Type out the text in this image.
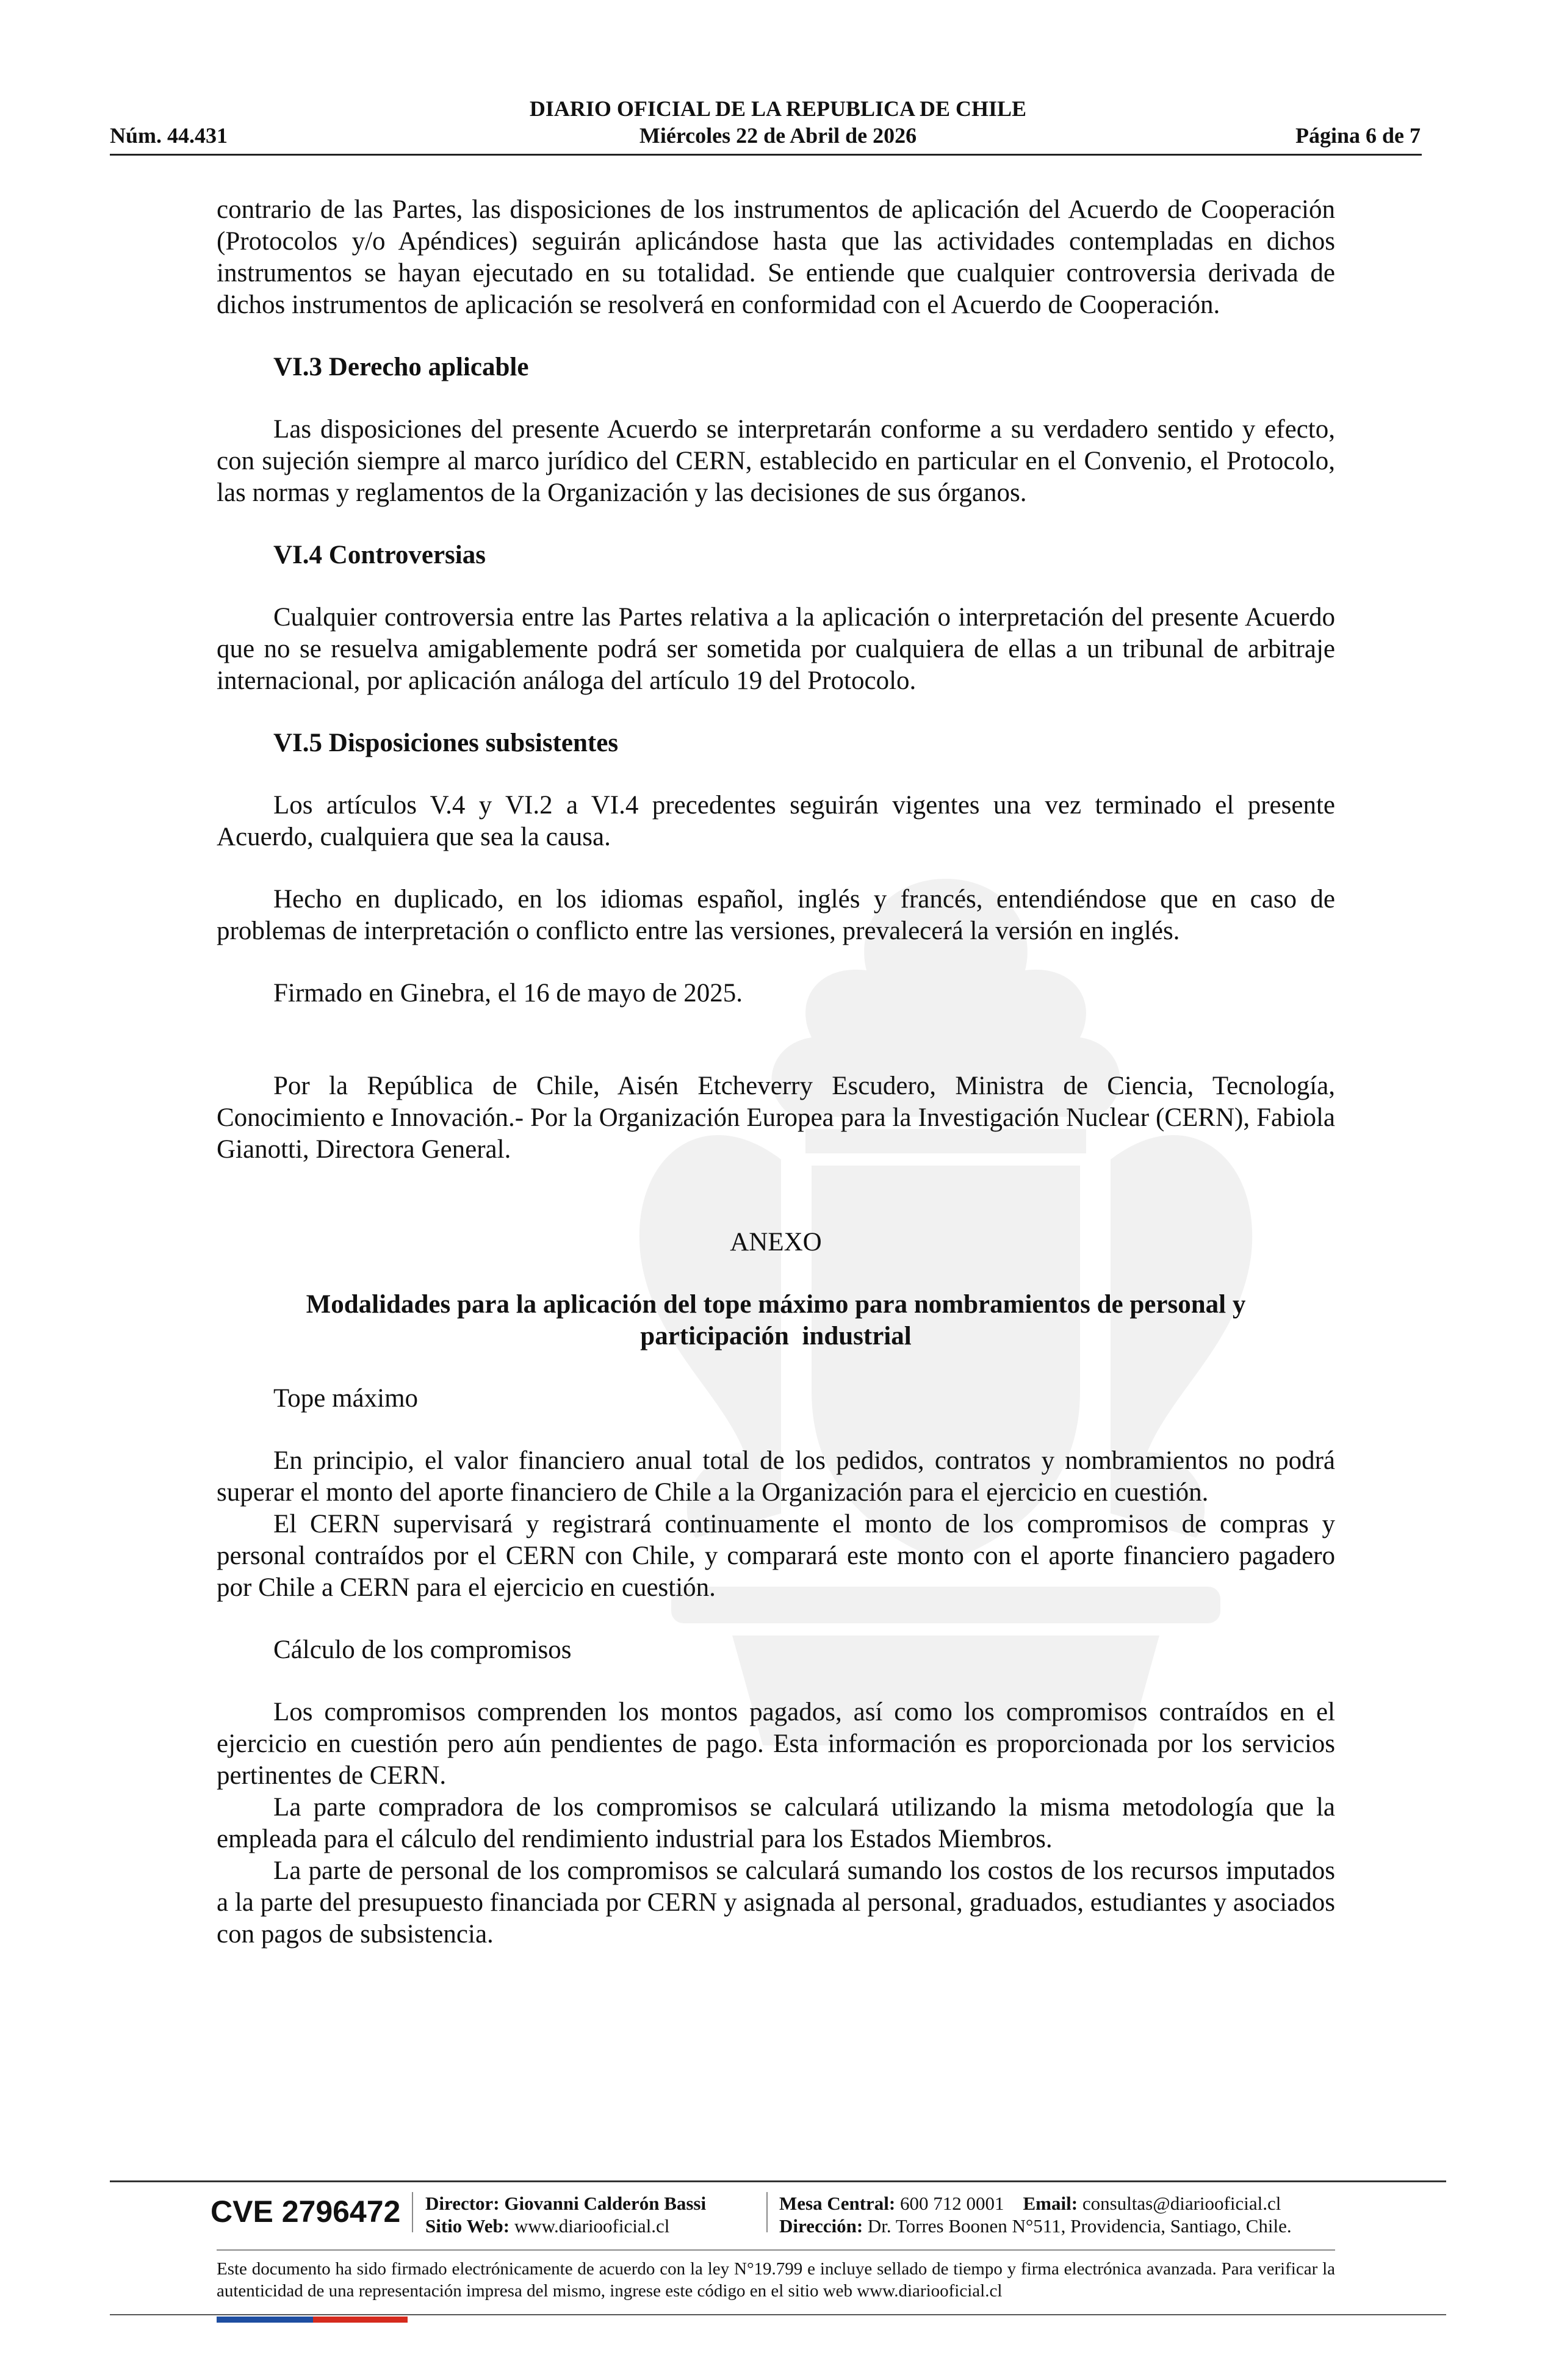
DIARIO OFICIAL DE LA REPUBLICA DE CHILE
Núm. 44.431	Miércoles 22 de Abril de 2026	Página 6 de 7

contrario de las Partes, las disposiciones de los instrumentos de aplicación del Acuerdo de Cooperación (Protocolos y/o Apéndices) seguirán aplicándose hasta que las actividades contempladas en dichos instrumentos se hayan ejecutado en su totalidad. Se entiende que cualquier controversia derivada de dichos instrumentos de aplicación se resolverá en conformidad con el Acuerdo de Cooperación.

VI.3 Derecho aplicable

Las disposiciones del presente Acuerdo se interpretarán conforme a su verdadero sentido y efecto, con sujeción siempre al marco jurídico del CERN, establecido en particular en el Convenio, el Protocolo, las normas y reglamentos de la Organización y las decisiones de sus órganos.

VI.4 Controversias

Cualquier controversia entre las Partes relativa a la aplicación o interpretación del presente Acuerdo que no se resuelva amigablemente podrá ser sometida por cualquiera de ellas a un tribunal de arbitraje internacional, por aplicación análoga del artículo 19 del Protocolo.

VI.5 Disposiciones subsistentes

Los artículos V.4 y VI.2 a VI.4 precedentes seguirán vigentes una vez terminado el presente Acuerdo, cualquiera que sea la causa.

Hecho en duplicado, en los idiomas español, inglés y francés, entendiéndose que en caso de problemas de interpretación o conflicto entre las versiones, prevalecerá la versión en inglés.

Firmado en Ginebra, el 16 de mayo de 2025.

Por la República de Chile, Aisén Etcheverry Escudero, Ministra de Ciencia, Tecnología, Conocimiento e Innovación.- Por la Organización Europea para la Investigación Nuclear (CERN), Fabiola Gianotti, Directora General.

ANEXO

Modalidades para la aplicación del tope máximo para nombramientos de personal y

participación  industrial

Tope máximo

En principio, el valor financiero anual total de los pedidos, contratos y nombramientos no podrá superar el monto del aporte financiero de Chile a la Organización para el ejercicio en cuestión.

El CERN supervisará y registrará continuamente el monto de los compromisos de compras y personal contraídos por el CERN con Chile, y comparará este monto con el aporte financiero pagadero por Chile a CERN para el ejercicio en cuestión.

Cálculo de los compromisos

Los compromisos comprenden los montos pagados, así como los compromisos contraídos en el ejercicio en cuestión pero aún pendientes de pago. Esta información es proporcionada por los servicios pertinentes de CERN.

La parte compradora de los compromisos se calculará utilizando la misma metodología que la empleada para el cálculo del rendimiento industrial para los Estados Miembros.

La parte de personal de los compromisos se calculará sumando los costos de los recursos imputados a la parte del presupuesto financiada por CERN y asignada al personal, graduados, estudiantes y asociados con pagos de subsistencia.

CVE 2796472 Director: Giovanni Calderón Bassi
Sitio Web: www.diariooficial.cl
Mesa Central: 600 712 0001 Email: consultas@diariooficial.cl
Dirección: Dr. Torres Boonen N°511, Providencia, Santiago, Chile.
Este documento ha sido firmado electrónicamente de acuerdo con la ley N°19.799 e incluye sellado de tiempo y firma electrónica avanzada. Para verificar la autenticidad de una representación impresa del mismo, ingrese este código en el sitio web www.diariooficial.cl
